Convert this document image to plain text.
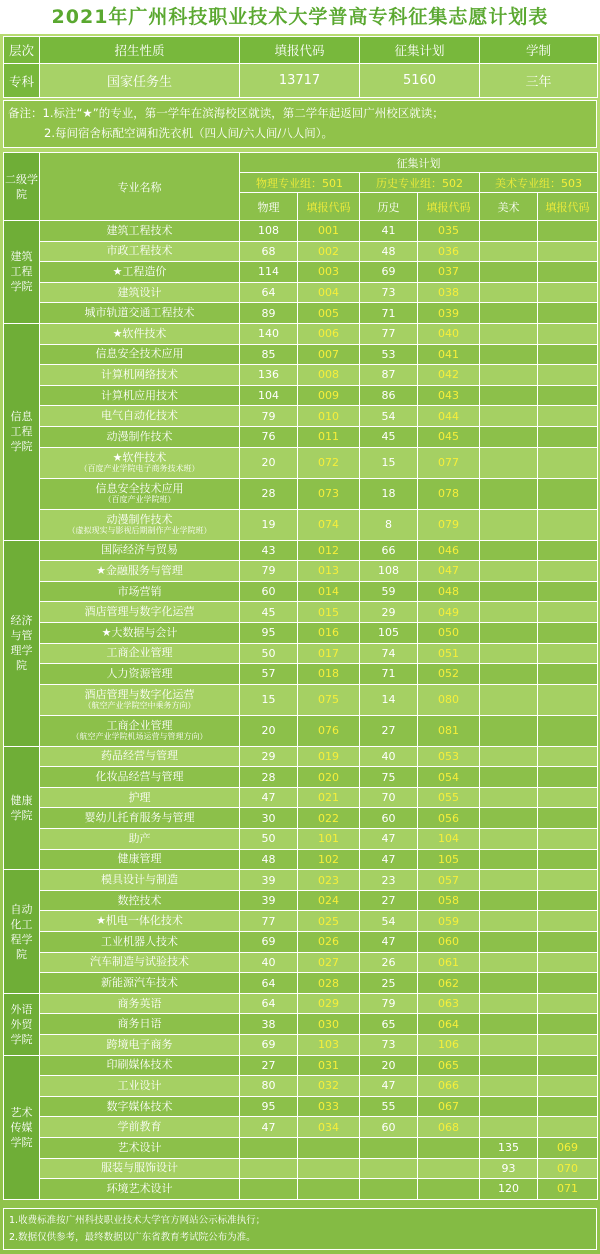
2021年广州科技职业技术大学普高专科征集志愿计划表
层次	招生性质	填报代码	征集计划	学制
专科	国家任务生	13717	5160	三年
备注：1.标注“★”的专业，第一学年在滨海校区就读，第二学年起返回广州校区就读；
2.每间宿舍标配空调和洗衣机（四人间/六人间/八人间）。
二级学院	专业名称	征集计划					
		物理专业组：501		历史专业组：502		美术专业组：503	
		物理	填报代码	历史	填报代码	美术	填报代码
建筑工程学院	建筑工程技术	108	001	41	035		
	市政工程技术	68	002	48	036		
	★工程造价	114	003	69	037		
	建筑设计	64	004	73	038		
	城市轨道交通工程技术	89	005	71	039		
信息工程学院	★软件技术	140	006	77	040		
	信息安全技术应用	85	007	53	041		
	计算机网络技术	136	008	87	042		
	计算机应用技术	104	009	86	043		
	电气自动化技术	79	010	54	044		
	动漫制作技术	76	011	45	045		
	★软件技术
（百度产业学院电子商务技术班）	20	072	15	077		
	信息安全技术应用
（百度产业学院班）	28	073	18	078		
	动漫制作技术
（虚拟现实与影视后期制作产业学院班）	19	074	8	079		
经济与管理学院	国际经济与贸易	43	012	66	046		
	★金融服务与管理	79	013	108	047		
	市场营销	60	014	59	048		
	酒店管理与数字化运营	45	015	29	049		
	★大数据与会计	95	016	105	050		
	工商企业管理	50	017	74	051		
	人力资源管理	57	018	71	052		
	酒店管理与数字化运营
（航空产业学院空中乘务方向）	15	075	14	080		
	工商企业管理
（航空产业学院机场运营与管理方向）	20	076	27	081		
健康学院	药品经营与管理	29	019	40	053		
	化妆品经营与管理	28	020	75	054		
	护理	47	021	70	055		
	婴幼儿托育服务与管理	30	022	60	056		
	助产	50	101	47	104		
	健康管理	48	102	47	105		
自动化工程学院	模具设计与制造	39	023	23	057		
	数控技术	39	024	27	058		
	★机电一体化技术	77	025	54	059		
	工业机器人技术	69	026	47	060		
	汽车制造与试验技术	40	027	26	061		
	新能源汽车技术	64	028	25	062		
外语外贸学院	商务英语	64	029	79	063		
	商务日语	38	030	65	064		
	跨境电子商务	69	103	73	106		
艺术传媒学院	印刷媒体技术	27	031	20	065		
	工业设计	80	032	47	066		
	数字媒体技术	95	033	55	067		
	学前教育	47	034	60	068		
	艺术设计					135	069
	服装与服饰设计					93	070
	环境艺术设计					120	071
1.收费标准按广州科技职业技术大学官方网站公示标准执行；
2.数据仅供参考，最终数据以广东省教育考试院公布为准。
